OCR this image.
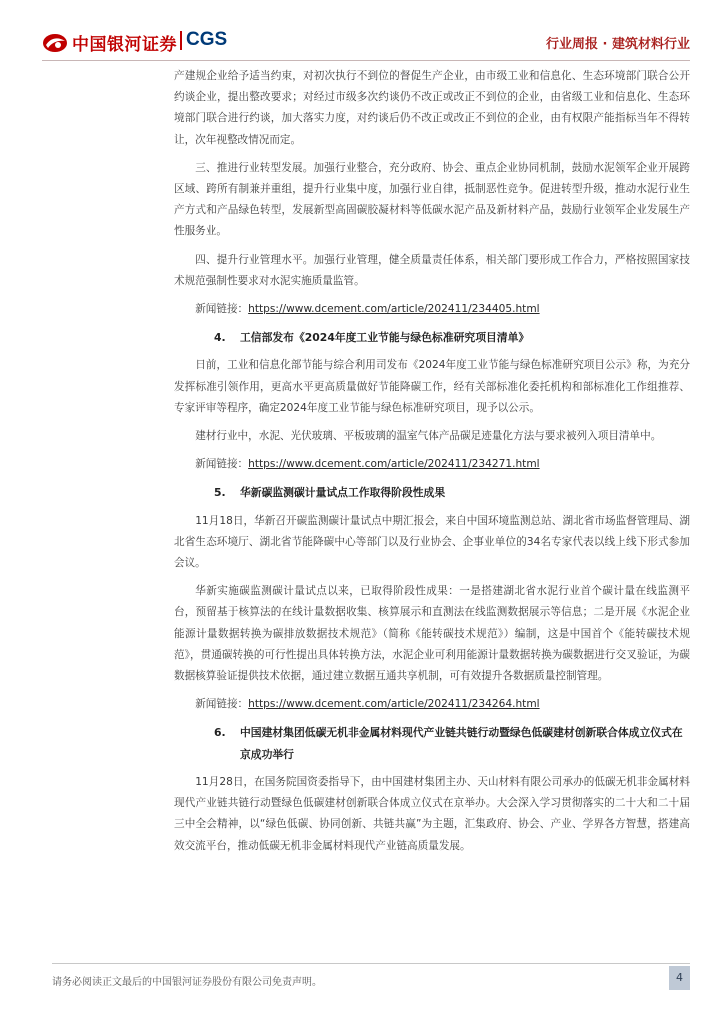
中国银河证券 CGS	行业周报 · 建筑材料行业

产建规企业给予适当约束，对初次执行不到位的督促生产企业，由市级工业和信息化、生态环境部门联合公开约谈企业，提出整改要求；对经过市级多次约谈仍不改正或改正不到位的企业，由省级工业和信息化、生态环境部门联合进行约谈，加大落实力度，对约谈后仍不改正或改正不到位的企业，由有权限产能指标当年不得转让，次年视整改情况而定。

三、推进行业转型发展。加强行业整合，充分政府、协会、重点企业协同机制，鼓励水泥领军企业开展跨区域、跨所有制兼并重组，提升行业集中度，加强行业自律，抵制恶性竞争。促进转型升级，推动水泥行业生产方式和产品绿色转型，发展新型高固碳胶凝材料等低碳水泥产品及新材料产品，鼓励行业领军企业发展生产性服务业。

四、提升行业管理水平。加强行业管理，健全质量责任体系，相关部门要形成工作合力，严格按照国家技术规范强制性要求对水泥实施质量监管。

新闻链接：https://www.dcement.com/article/202411/234405.html

4.	工信部发布《2024年度工业节能与绿色标准研究项目清单》

日前，工业和信息化部节能与综合利用司发布《2024年度工业节能与绿色标准研究项目公示》称，为充分发挥标准引领作用，更高水平更高质量做好节能降碳工作，经有关部标准化委托机构和部标准化工作组推荐、专家评审等程序，确定2024年度工业节能与绿色标准研究项目，现予以公示。

建材行业中，水泥、光伏玻璃、平板玻璃的温室气体产品碳足迹量化方法与要求被列入项目清单中。

新闻链接：https://www.dcement.com/article/202411/234271.html

5.	华新碳监测碳计量试点工作取得阶段性成果

11月18日，华新召开碳监测碳计量试点中期汇报会，来自中国环境监测总站、湖北省市场监督管理局、湖北省生态环境厅、湖北省节能降碳中心等部门以及行业协会、企事业单位的34名专家代表以线上线下形式参加会议。

华新实施碳监测碳计量试点以来，已取得阶段性成果：一是搭建湖北省水泥行业首个碳计量在线监测平台，预留基于核算法的在线计量数据收集、核算展示和直测法在线监测数据展示等信息；二是开展《水泥企业能源计量数据转换为碳排放数据技术规范》（简称《能转碳技术规范》）编制，这是中国首个《能转碳技术规范》，贯通碳转换的可行性提出具体转换方法，水泥企业可利用能源计量数据转换为碳数据进行交叉验证，为碳数据核算验证提供技术依据，通过建立数据互通共享机制，可有效提升各数据质量控制管理。

新闻链接：https://www.dcement.com/article/202411/234264.html

6.	中国建材集团低碳无机非金属材料现代产业链共链行动暨绿色低碳建材创新联合体成立仪式在京成功举行

11月28日，在国务院国资委指导下，由中国建材集团主办、天山材料有限公司承办的低碳无机非金属材料现代产业链共链行动暨绿色低碳建材创新联合体成立仪式在京举办。大会深入学习贯彻落实的二十大和二十届三中全会精神，以“绿色低碳、协同创新、共链共赢”为主题，汇集政府、协会、产业、学界各方智慧，搭建高效交流平台，推动低碳无机非金属材料现代产业链高质量发展。

请务必阅读正文最后的中国银河证券股份有限公司免责声明。	4
